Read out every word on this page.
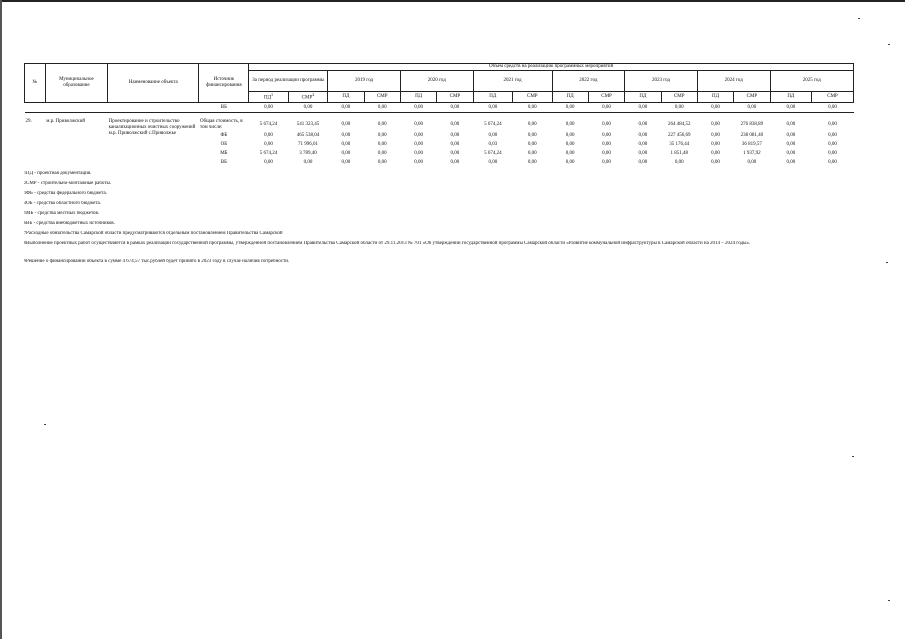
№	Муниципальное образование	Наименование объекта	Источник финансирования	Объем средств на реализацию программных мероприятий															
				За период реализации программы		2019 год		2020 год		2021 год		2022 год		2023 год		2024 год		2025 год	
				$ПД^1$	СМР$^2$	ПД	СМР	ПД	СМР	ПД	СМР	ПД	СМР	ПД	СМР	ПД	СМР	ПД	СМР
			ВБ	0,00	0,00	0,00	0,00	0,00	0,00	0,00	0,00	0,00	0,00	0,00	0,00	0,00	0,00	0,00	0,00

29.	м.р. Приволжский	Проектирование и строительство канализационных очистных сооружений м.р. Приволжский с.Приволжье	Общая стоимость, в том числе:	5 674,24	541 323,45	0,00	0,00	0,00	0,00	5 674,24	0,00	0,00	0,00	0,00	264 484,52	0,00	276 838,89	0,00	0,00
			ФБ	0,00	465 538,04	0,00	0,00	0,00	0,00	0,00	0,00	0,00	0,00	0,00	227 456,69	0,00	238 081,40	0,00	0,00
			ОБ	0,00	71 996,01	0,00	0,00	0,00	0,00	0,03	0,00	0,00	0,00	0,00	35 176,44	0,00	36 819,57	0,00	0,00
			МБ	5 674,24	3 789,40	0,00	0,00	0,00	0,00	5 674,24	0,00	0,00	0,00	0,00	1 851,48	0,00	1 937,92	0,00	0,00
			ВБ	0,00	0,00	0,00	0,00	0,00	0,00	0,00	0,00	0,00	0,00	0,00	0,00	0,00	0,00	0,00	0,00
$^1$ПД - проектная документация.
$^2$СМР - строительно-монтажные работы.
$^3$ФБ - средства федерального бюджета.
$^4$ОБ - средства областного бюджета.
$^5$МБ - средства местных бюджетов.
$^6$ВБ - средства внебюджетных источников.
$^7$Расходные обязательства Самарской области предусматриваются отдельным постановлением Правительства Самарской
$^8$Выполнение проектных работ осуществляется в рамках реализации государственной программы, утвержденной постановлением Правительства Самарской области от 29.11.2013 № 701 «Об утверждении государственной программы Самарской области «Развитие коммунальной инфраструктуры в Самарской области на 2014 – 2024 годы».
$^9$Решение о финансировании объекта в сумме 4 674,57 тыс.рублей будет принято в 2023 году в случае наличия потребности.
